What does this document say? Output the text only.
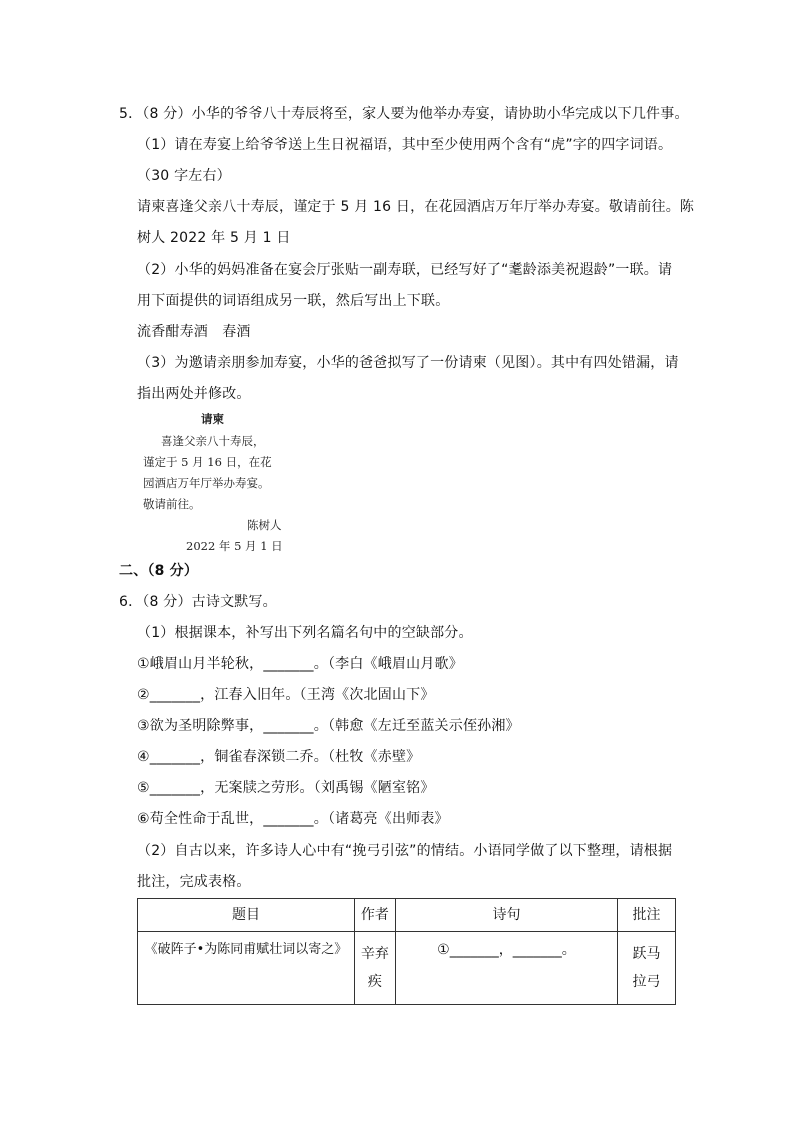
5．（8 分）小华的爷爷八十寿辰将至，家人要为他举办寿宴，请协助小华完成以下几件事。
（1）请在寿宴上给爷爷送上生日祝福语，其中至少使用两个含有“虎”字的四字词语。
（30 字左右）
请柬喜逢父亲八十寿辰，谨定于 5 月 16 日，在花园酒店万年厅举办寿宴。敬请前往。陈
树人 2022 年 5 月 1 日
（2）小华的妈妈准备在宴会厅张贴一副寿联，已经写好了“耄龄添美祝遐龄”一联。请
用下面提供的词语组成另一联，然后写出上下联。
流香酣寿酒　春酒
（3）为邀请亲朋参加寿宴，小华的爸爸拟写了一份请柬（见图）。其中有四处错漏，请
指出两处并修改。
请柬
喜逢父亲八十寿辰，
谨定于 5 月 16 日，在花
园酒店万年厅举办寿宴。
敬请前往。
陈树人
2022 年 5 月 1 日
二、（8 分）
6．（8 分）古诗文默写。
（1）根据课本，补写出下列名篇名句中的空缺部分。
①峨眉山月半轮秋，_______。（李白《峨眉山月歌》
②_______，江春入旧年。（王湾《次北固山下》
③欲为圣明除弊事，_______。（韩愈《左迁至蓝关示侄孙湘》
④_______，铜雀春深锁二乔。（杜牧《赤壁》
⑤_______，无案牍之劳形。（刘禹锡《陋室铭》
⑥苟全性命于乱世，_______。（诸葛亮《出师表》
（2）自古以来，许多诗人心中有“挽弓引弦”的情结。小语同学做了以下整理，请根据
批注，完成表格。
题目	作者	诗句	批注
《破阵子•为陈同甫赋壮词以寄之》	辛弃疾	①_______，_______。	跃马拉弓
